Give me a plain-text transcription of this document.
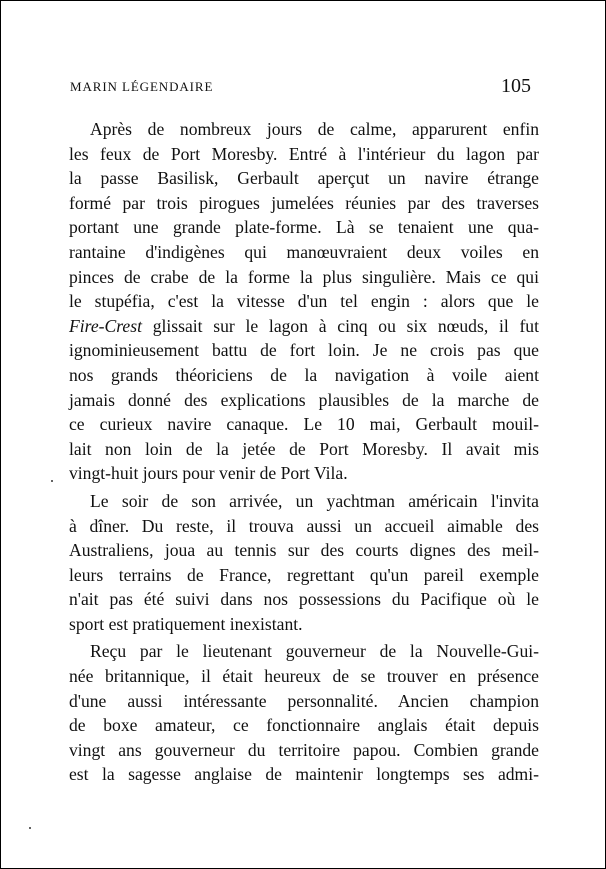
MARIN LÉGENDAIRE	105
Après de nombreux jours de calme, apparurent enfin
les feux de Port Moresby. Entré à l'intérieur du lagon par
la passe Basilisk, Gerbault aperçut un navire étrange
formé par trois pirogues jumelées réunies par des traverses
portant une grande plate-forme. Là se tenaient une qua-
rantaine d'indigènes qui manœuvraient deux voiles en
pinces de crabe de la forme la plus singulière. Mais ce qui
le stupéfia, c'est la vitesse d'un tel engin : alors que le
Fire-Crest glissait sur le lagon à cinq ou six nœuds, il fut
ignominieusement battu de fort loin. Je ne crois pas que
nos grands théoriciens de la navigation à voile aient
jamais donné des explications plausibles de la marche de
ce curieux navire canaque. Le 10 mai, Gerbault mouil-
lait non loin de la jetée de Port Moresby. Il avait mis
vingt-huit jours pour venir de Port Vila.
Le soir de son arrivée, un yachtman américain l'invita
à dîner. Du reste, il trouva aussi un accueil aimable des
Australiens, joua au tennis sur des courts dignes des meil-
leurs terrains de France, regrettant qu'un pareil exemple
n'ait pas été suivi dans nos possessions du Pacifique où le
sport est pratiquement inexistant.
Reçu par le lieutenant gouverneur de la Nouvelle-Gui-
née britannique, il était heureux de se trouver en présence
d'une aussi intéressante personnalité. Ancien champion
de boxe amateur, ce fonctionnaire anglais était depuis
vingt ans gouverneur du territoire papou. Combien grande
est la sagesse anglaise de maintenir longtemps ses admi-
